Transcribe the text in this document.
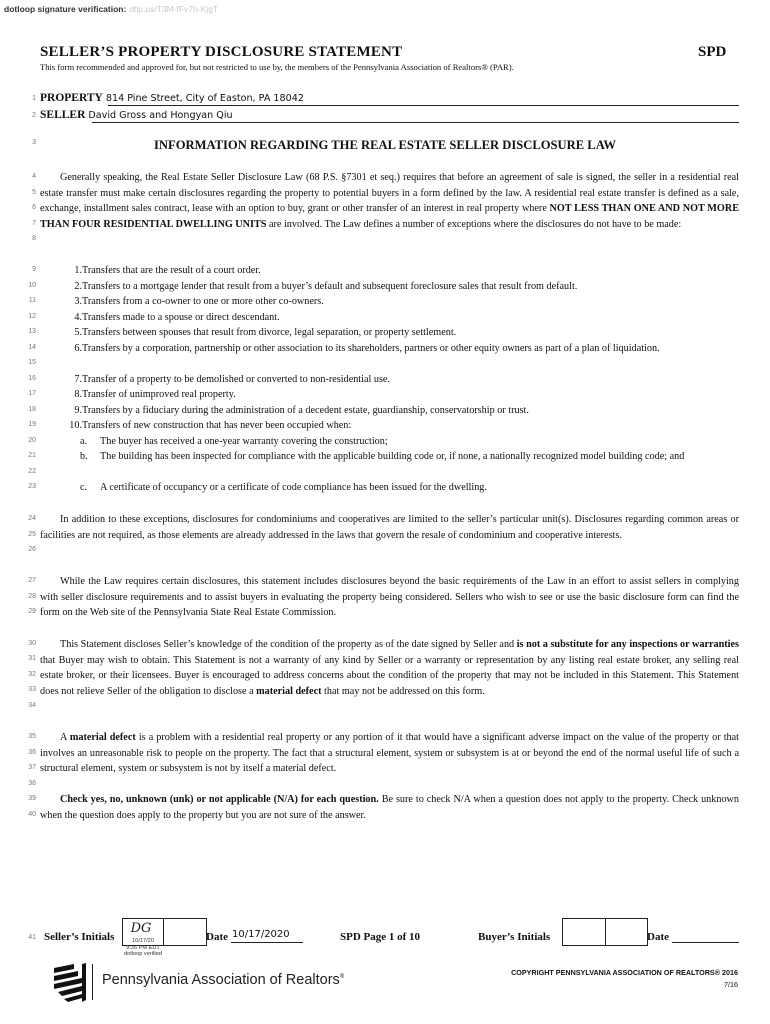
dotloop signature verification: dtlp.us/T3M-fFv7h-KjgT
SELLER’S PROPERTY DISCLOSURE STATEMENT	SPD
This form recommended and approved for, but not restricted to use by, the members of the Pennsylvania Association of Realtors® (PAR).
1
2
3
4
5
6
7
8
9
10
11
12
13
14
15
16
17
18
19
20
21
22
23
24
25
26
27
28
29
30
31
32
33
34
35
36
37
38
39
40
41
PROPERTY 814 Pine Street, City of Easton, PA 18042
SELLER David Gross and Hongyan Qiu
INFORMATION REGARDING THE REAL ESTATE SELLER DISCLOSURE LAW
Generally speaking, the Real Estate Seller Disclosure Law (68 P.S. §7301 et seq.) requires that before an agreement of sale is signed, the seller in a residential real estate transfer must make certain disclosures regarding the property to potential buyers in a form defined by the law. A residential real estate transfer is defined as a sale, exchange, installment sales contract, lease with an option to buy, grant or other transfer of an interest in real property where NOT LESS THAN ONE AND NOT MORE THAN FOUR RESIDENTIAL DWELLING UNITS are involved. The Law defines a number of exceptions where the disclosures do not have to be made:
1. Transfers that are the result of a court order.
2. Transfers to a mortgage lender that result from a buyer’s default and subsequent foreclosure sales that result from default.
3. Transfers from a co-owner to one or more other co-owners.
4. Transfers made to a spouse or direct descendant.
5. Transfers between spouses that result from divorce, legal separation, or property settlement.
6. Transfers by a corporation, partnership or other association to its shareholders, partners or other equity owners as part of a plan of liquidation.
7. Transfer of a property to be demolished or converted to non-residential use.
8. Transfer of unimproved real property.
9. Transfers by a fiduciary during the administration of a decedent estate, guardianship, conservatorship or trust.
10. Transfers of new construction that has never been occupied when:
a. The buyer has received a one-year warranty covering the construction;
b. The building has been inspected for compliance with the applicable building code or, if none, a nationally recognized model building code; and
c. A certificate of occupancy or a certificate of code compliance has been issued for the dwelling.
In addition to these exceptions, disclosures for condominiums and cooperatives are limited to the seller’s particular unit(s). Disclosures regarding common areas or facilities are not required, as those elements are already addressed in the laws that govern the resale of condominium and cooperative interests.
While the Law requires certain disclosures, this statement includes disclosures beyond the basic requirements of the Law in an effort to assist sellers in complying with seller disclosure requirements and to assist buyers in evaluating the property being considered. Sellers who wish to see or use the basic disclosure form can find the form on the Web site of the Pennsylvania State Real Estate Commission.
This Statement discloses Seller’s knowledge of the condition of the property as of the date signed by Seller and is not a substitute for any inspections or warranties that Buyer may wish to obtain. This Statement is not a warranty of any kind by Seller or a warranty or representation by any listing real estate broker, any selling real estate broker, or their licensees. Buyer is encouraged to address concerns about the condition of the property that may not be included in this Statement. This Statement does not relieve Seller of the obligation to disclose a material defect that may not be addressed on this form.
A material defect is a problem with a residential real property or any portion of it that would have a significant adverse impact on the value of the property or that involves an unreasonable risk to people on the property. The fact that a structural element, system or subsystem is at or beyond the end of the normal useful life of such a structural element, system or subsystem is not by itself a material defect.
Check yes, no, unknown (unk) or not applicable (N/A) for each question. Be sure to check N/A when a question does not apply to the property. Check unknown when the question does apply to the property but you are not sure of the answer.
Seller’s Initials
DG
10/17/20
9:35 PM EDT
dotloop verified
Date 10/17/2020	SPD Page 1 of 10	Buyer’s Initials	Date
Pennsylvania Association of Realtors®
COPYRIGHT PENNSYLVANIA ASSOCIATION OF REALTORS® 2016
7/16
